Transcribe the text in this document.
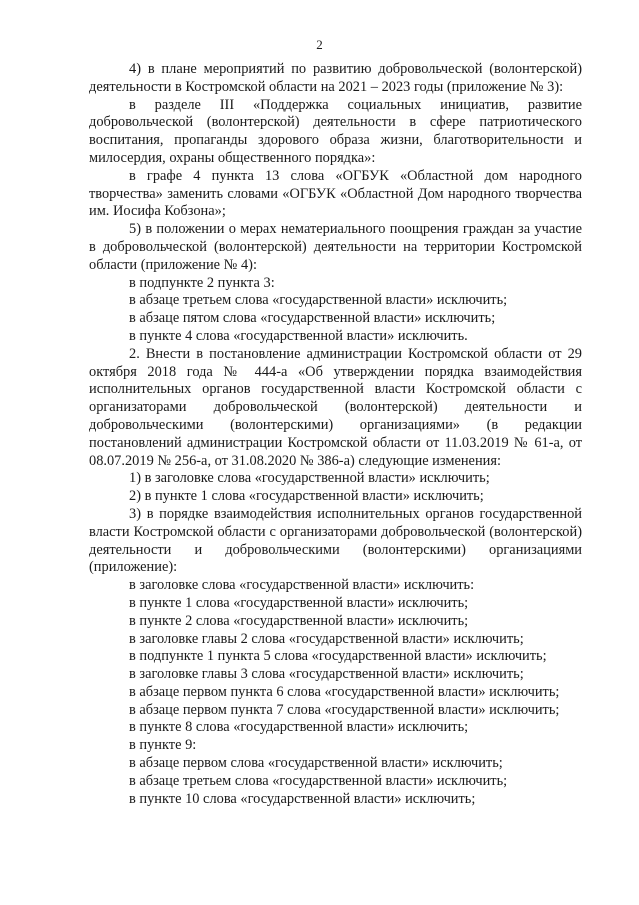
2

4) в плане мероприятий по развитию добровольческой (волонтерской) деятельности в Костромской области на 2021 – 2023 годы (приложение № 3):

в разделе III «Поддержка социальных инициатив, развитие добровольческой (волонтерской) деятельности в сфере патриотического воспитания, пропаганды здорового образа жизни, благотворительности и милосердия, охраны общественного порядка»:

в графе 4 пункта 13 слова «ОГБУК «Областной дом народного творчества» заменить словами «ОГБУК «Областной Дом народного творчества им. Иосифа Кобзона»;

5) в положении о мерах нематериального поощрения граждан за участие в добровольческой (волонтерской) деятельности на территории Костромской области (приложение № 4):

в подпункте 2 пункта 3:

в абзаце третьем слова «государственной власти» исключить;

в абзаце пятом слова «государственной власти» исключить;

в пункте 4 слова «государственной власти» исключить.

2. Внести в постановление администрации Костромской области от 29 октября 2018 года № 444-а «Об утверждении порядка взаимодействия исполнительных органов государственной власти Костромской области с организаторами добровольческой (волонтерской) деятельности и добровольческими (волонтерскими) организациями» (в редакции постановлений администрации Костромской области от 11.03.2019 № 61-а, от 08.07.2019 № 256-а, от 31.08.2020 № 386-а) следующие изменения:

1) в заголовке слова «государственной власти» исключить;

2) в пункте 1 слова «государственной власти» исключить;

3) в порядке взаимодействия исполнительных органов государственной власти Костромской области с организаторами добровольческой (волонтерской) деятельности и добровольческими (волонтерскими) организациями (приложение):

в заголовке слова «государственной власти» исключить:

в пункте 1 слова «государственной власти» исключить;

в пункте 2 слова «государственной власти» исключить;

в заголовке главы 2 слова «государственной власти» исключить;

в подпункте 1 пункта 5 слова «государственной власти» исключить;

в заголовке главы 3 слова «государственной власти» исключить;

в абзаце первом пункта 6 слова «государственной власти» исключить;

в абзаце первом пункта 7 слова «государственной власти» исключить;

в пункте 8 слова «государственной власти» исключить;

в пункте 9:

в абзаце первом слова «государственной власти» исключить;

в абзаце третьем слова «государственной власти» исключить;

в пункте 10 слова «государственной власти» исключить;
